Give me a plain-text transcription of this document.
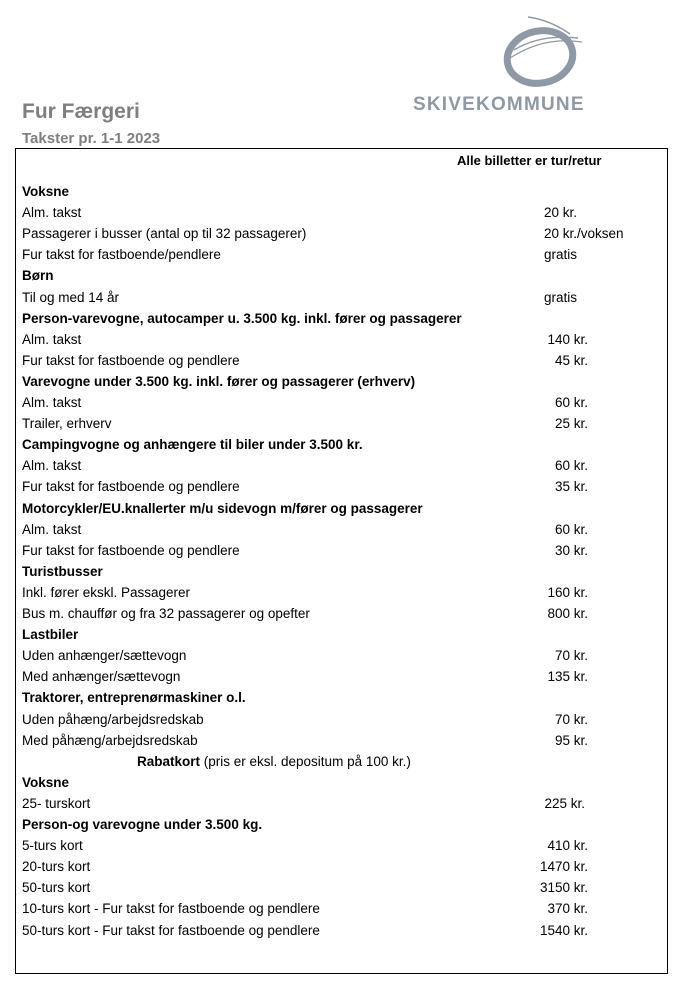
Fur Færgeri
Takster pr. 1-1 2023
SKIVEKOMMUNE
Alle billetter er tur/retur
Voksne
Alm. takst	20 kr.
Passagerer i busser (antal op til 32 passagerer)	20 kr./voksen
Fur takst for fastboende/pendlere	gratis
Børn
Til og med 14 år	gratis
Person-varevogne, autocamper u. 3.500 kg. inkl. fører og passagerer
Alm. takst	140 kr.
Fur takst for fastboende og pendlere	45 kr.
Varevogne under 3.500 kg. inkl. fører og passagerer (erhverv)
Alm. takst	60 kr.
Trailer, erhverv	25 kr.
Campingvogne og anhængere til biler under 3.500 kr.
Alm. takst	60 kr.
Fur takst for fastboende og pendlere	35 kr.
Motorcykler/EU.knallerter m/u sidevogn m/fører og passagerer
Alm. takst	60 kr.
Fur takst for fastboende og pendlere	30 kr.
Turistbusser
Inkl. fører ekskl. Passagerer	160 kr.
Bus m. chauffør og fra 32 passagerer og opefter	800 kr.
Lastbiler
Uden anhænger/sættevogn	70 kr.
Med anhænger/sættevogn	135 kr.
Traktorer, entreprenørmaskiner o.l.
Uden påhæng/arbejdsredskab	70 kr.
Med påhæng/arbejdsredskab	95 kr.
Rabatkort (pris er eksl. depositum på 100 kr.)
Voksne
25- turskort	225 kr.
Person-og varevogne under 3.500 kg.
5-turs kort	410 kr.
20-turs kort	1470 kr.
50-turs kort	3150 kr.
10-turs kort - Fur takst for fastboende og pendlere	370 kr.
50-turs kort - Fur takst for fastboende og pendlere	1540 kr.
